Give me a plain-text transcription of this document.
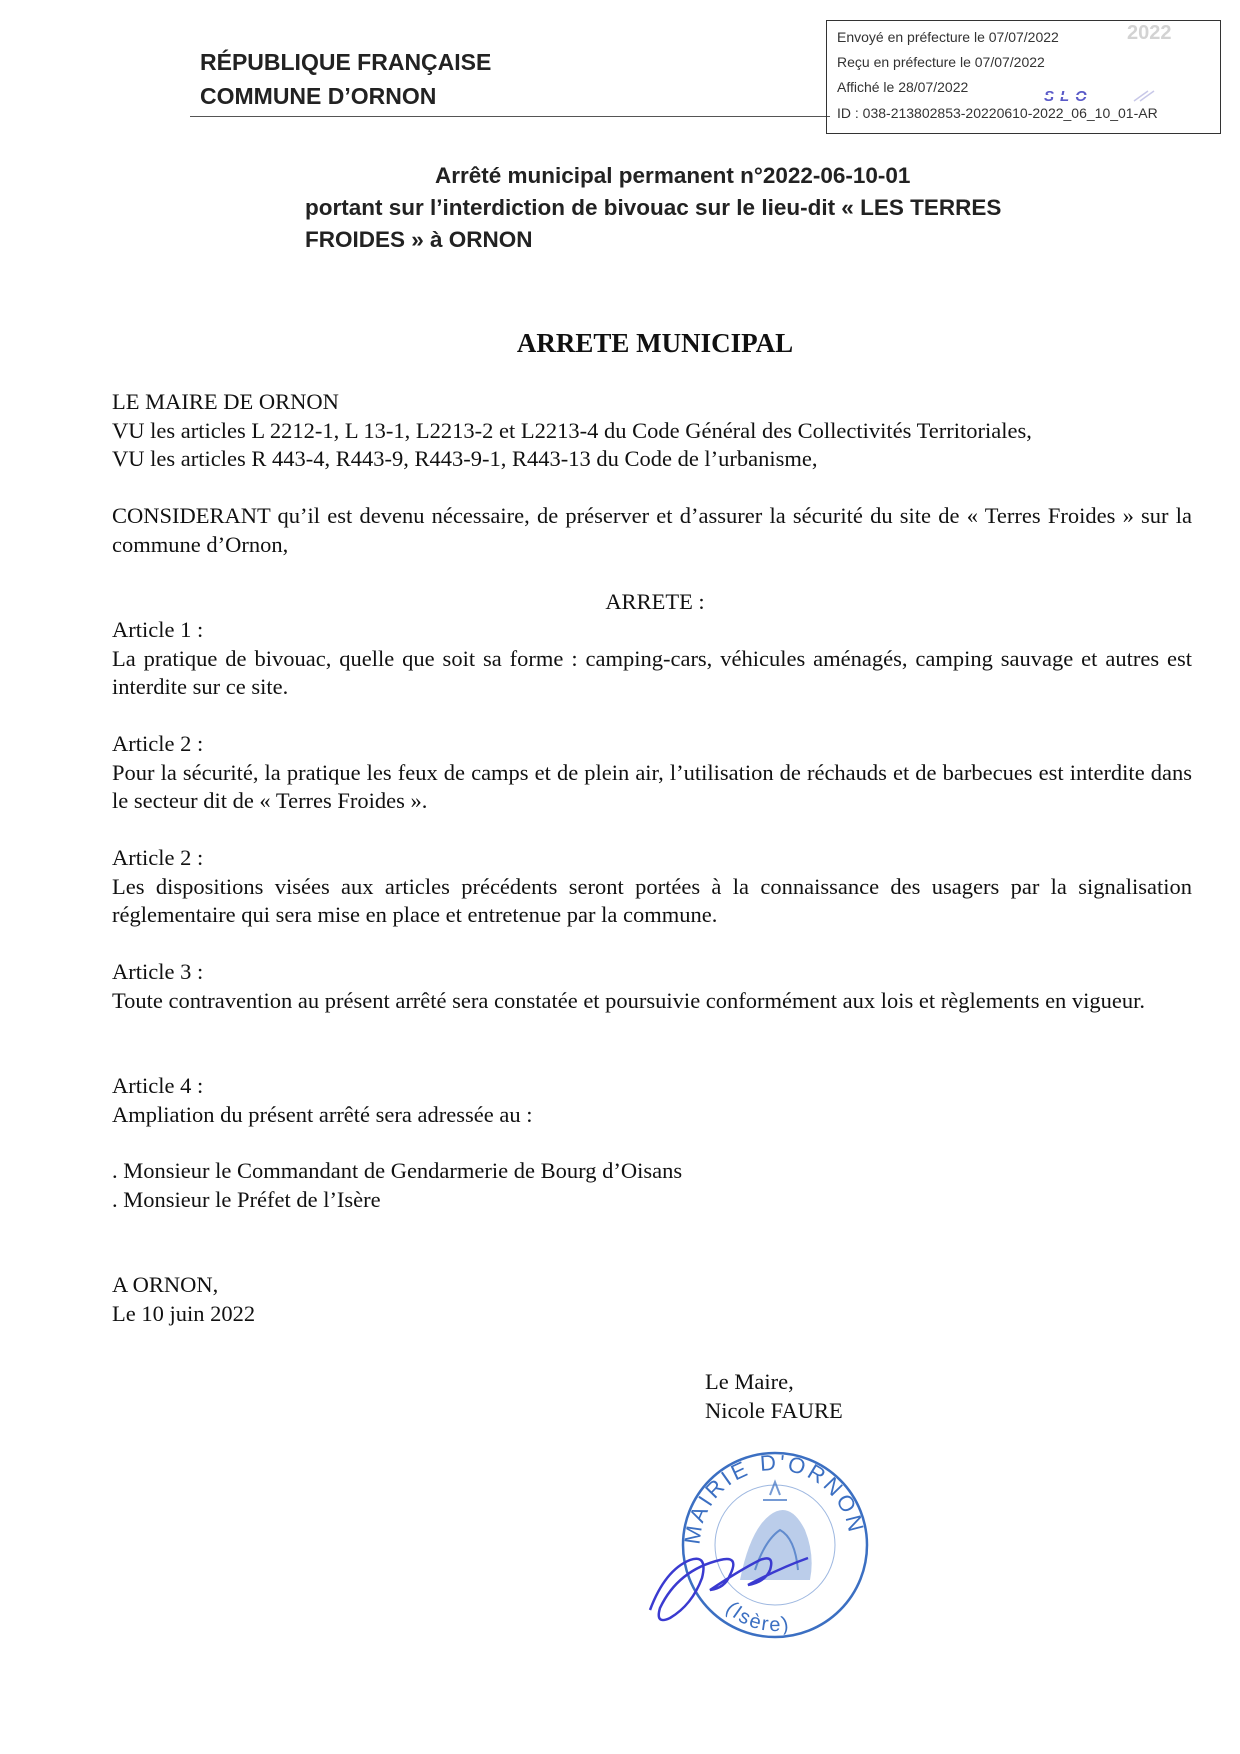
RÉPUBLIQUE FRANÇAISE
COMMUNE D’ORNON
Envoyé en préfecture le 07/07/2022	2022
Reçu en préfecture le 07/07/2022
Affiché le 28/07/2022
SLO
ID : 038-213802853-20220610-2022_06_10_01-AR
Arrêté municipal permanent n°2022-06-10-01
portant sur l’interdiction de bivouac sur le lieu-dit « LES TERRES FROIDES » à ORNON
ARRETE MUNICIPAL

LE MAIRE DE ORNON

VU les articles L 2212-1, L 13-1, L2213-2 et L2213-4 du Code Général des Collectivités Territoriales,

VU les articles R 443-4, R443-9, R443-9-1, R443-13 du Code de l’urbanisme,

CONSIDERANT qu’il est devenu nécessaire, de préserver et d’assurer la sécurité du site de « Terres Froides » sur la commune d’Ornon,

ARRETE :

Article 1 :

La pratique de bivouac, quelle que soit sa forme : camping-cars, véhicules aménagés, camping sauvage et autres est interdite sur ce site.

Article 2 :

Pour la sécurité, la pratique les feux de camps et de plein air, l’utilisation de réchauds et de barbecues est interdite dans le secteur dit de « Terres Froides ».

Article 2 :

Les dispositions visées aux articles précédents seront portées à la connaissance des usagers par la signalisation réglementaire qui sera mise en place et entretenue par la commune.

Article 3 :

Toute contravention au présent arrêté sera constatée et poursuivie conformément aux lois et règlements en vigueur.

Article 4 :

Ampliation du présent arrêté sera adressée au :

. Monsieur le Commandant de Gendarmerie de Bourg d’Oisans

. Monsieur le Préfet de l’Isère

A ORNON,

Le 10 juin 2022

Le Maire,
Nicole FAURE
MAIRIE D'ORNON
(Isère)
